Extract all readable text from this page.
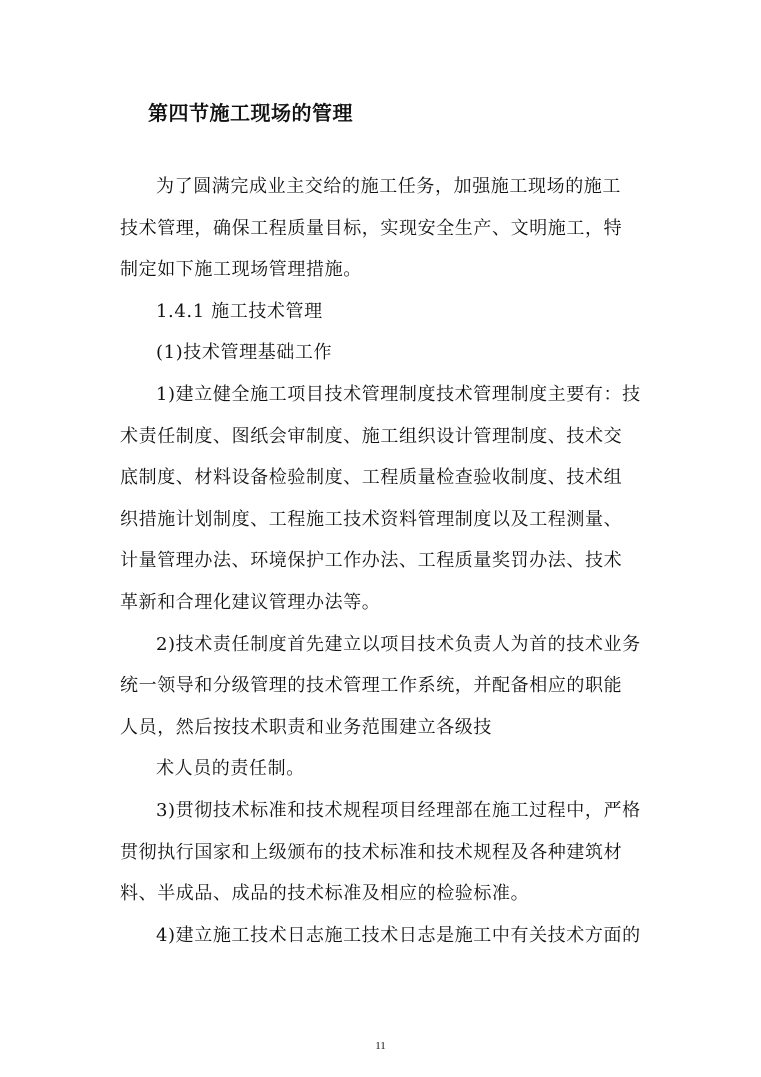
第四节施工现场的管理
为了圆满完成业主交给的施工任务，加强施工现场的施工
技术管理，确保工程质量目标，实现安全生产、文明施工，特
制定如下施工现场管理措施。
1.4.1 施工技术管理
(1)技术管理基础工作
1)建立健全施工项目技术管理制度技术管理制度主要有：技
术责任制度、图纸会审制度、施工组织设计管理制度、技术交
底制度、材料设备检验制度、工程质量检查验收制度、技术组
织措施计划制度、工程施工技术资料管理制度以及工程测量、
计量管理办法、环境保护工作办法、工程质量奖罚办法、技术
革新和合理化建议管理办法等。
2)技术责任制度首先建立以项目技术负责人为首的技术业务
统一领导和分级管理的技术管理工作系统，并配备相应的职能
人员，然后按技术职责和业务范围建立各级技
术人员的责任制。
3)贯彻技术标准和技术规程项目经理部在施工过程中，严格
贯彻执行国家和上级颁布的技术标准和技术规程及各种建筑材
料、半成品、成品的技术标准及相应的检验标准。
4)建立施工技术日志施工技术日志是施工中有关技术方面的
11
